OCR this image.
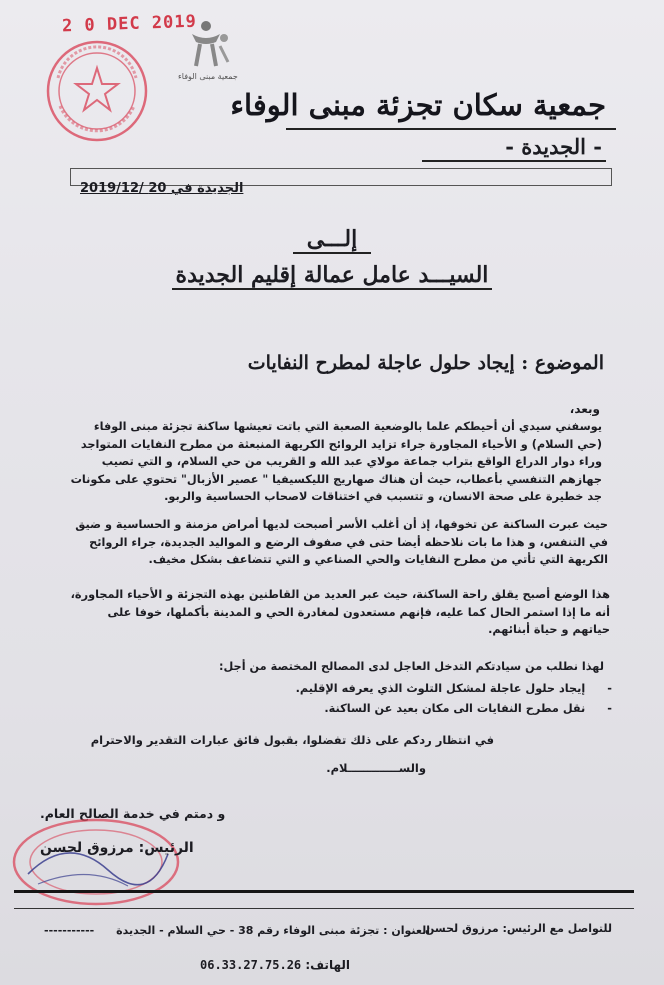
2 0 DEC 2019
جمعية مبنى الوفاء
جمعية سكان تجزئة مبنى الوفاء
- الجديدة -
الجديدة في 20 /2019/12
إلـــى
السيـــد عامل عمالة إقليم الجديدة
الموضوع : إيجاد حلول عاجلة لمطرح النفايات
وبعد،
يوسفني سيدي أن أحيطكم علما بالوضعية الصعبة التي باتت تعيشها ساكنة تجزئة مبنى الوفاء (حي السلام) و الأحياء المجاورة جراء تزايد الروائح الكريهة المنبعثة من مطرح النفايات المتواجد وراء دوار الدراع الواقع بتراب جماعة مولاي عبد الله و القريب من حي السلام، و التي تصيب جهازهم التنفسي بأعطاب، حيث أن هناك صهاريج الليكسيفيا " عصير الأزبال" تحتوي على مكونات جد خطيرة على صحة الانسان، و تتسبب في اختناقات لاصحاب الحساسية والربو.
حيث عبرت الساكنة عن تخوفها، إذ أن أغلب الأسر أصبحت لديها أمراض مزمنة و الحساسية و ضيق في التنفس، و هذا ما بات نلاحظه أيضا حتى في صفوف الرضع و المواليد الجديدة، جراء الروائح الكريهة التي تأتي من مطرح النفايات والحي الصناعي و التي تتضاعف بشكل مخيف.
هذا الوضع أصبح يقلق راحة الساكنة، حيث عبر العديد من القاطنين بهذه التجزئة و الأحياء المجاورة، أنه ما إذا استمر الحال كما عليه، فإنهم مستعدون لمغادرة الحي و المدينة بأكملها، خوفا على حياتهم و حياة أبنائهم.
لهذا نطلب من سيادتكم التدخل العاجل لدى المصالح المختصة من أجل:
- إيجاد حلول عاجلة لمشكل التلوث الذي يعرفه الإقليم.
- نقل مطرح النفايات الى مكان بعيد عن الساكنة.
في انتظار ردكم على ذلك تفضلوا، بقبول فائق عبارات التقدير والاحترام
والســـــــــــــلام.
و دمتم في خدمة الصالح العام.
الرئيس: مرزوق لحسن
للتواصل مع الرئيس: مرزوق لحسن
العنوان : تجزئة مبنى الوفاء رقم 38 - حي السلام - الجديدة -----------
الهاتف: 06.33.27.75.26
